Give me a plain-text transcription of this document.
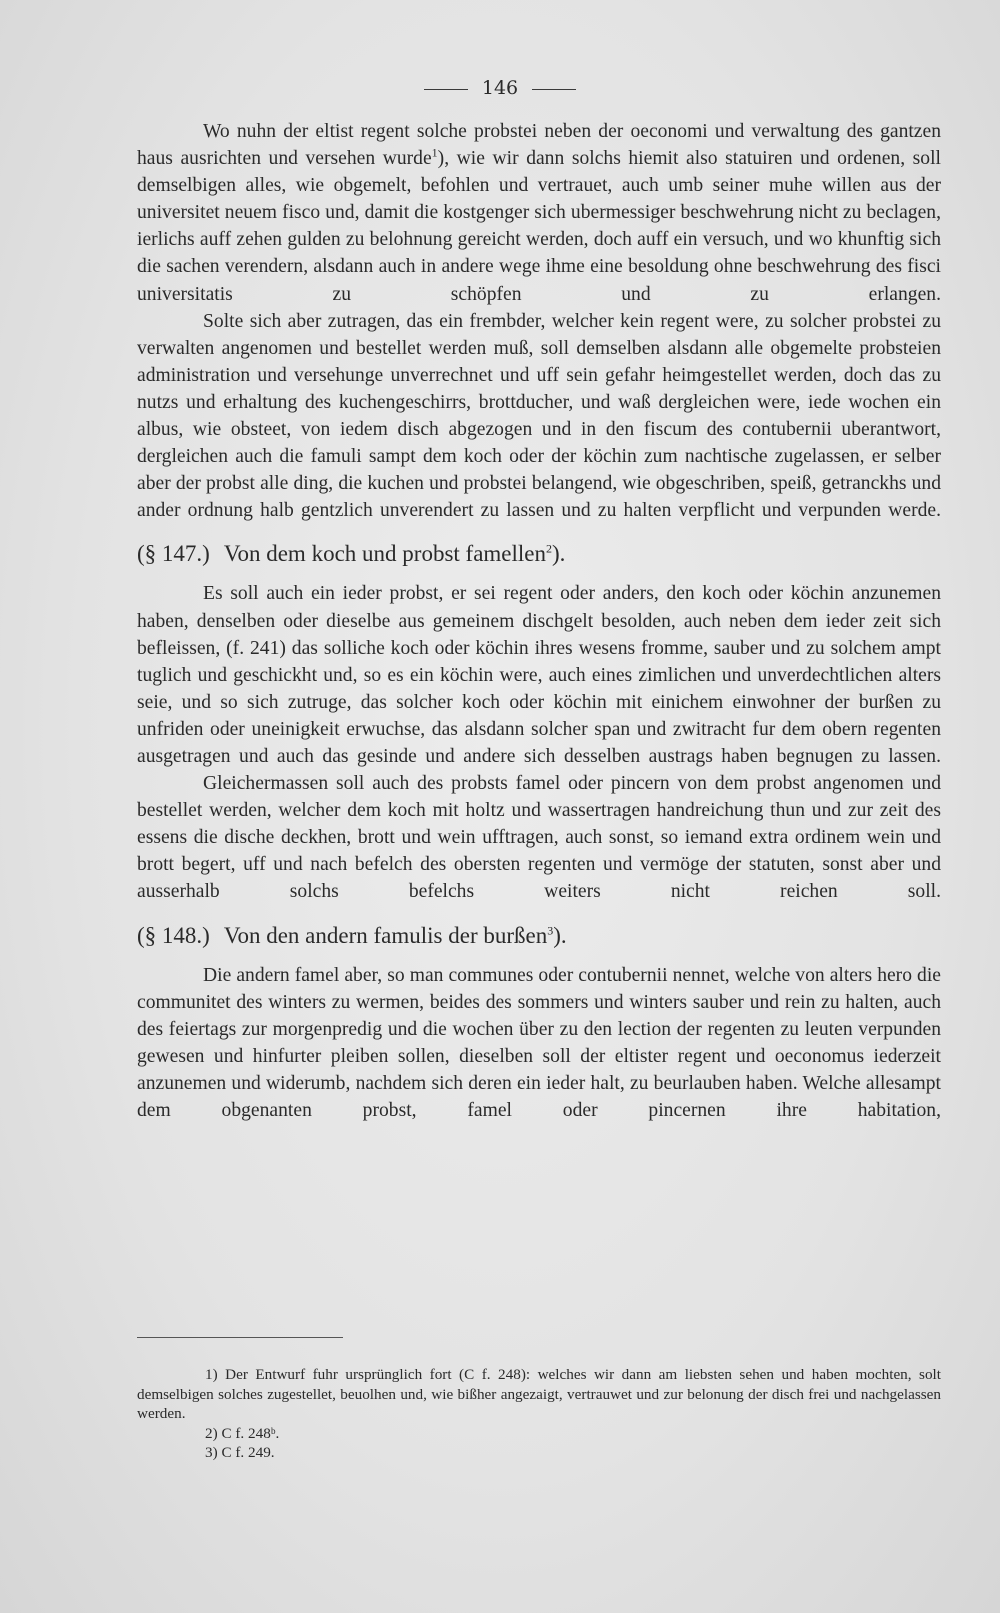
146

Wo nuhn der eltist regent solche probstei neben der oeconomi und verwaltung des gantzen haus ausrichten und versehen wurde$^1$), wie wir dann solchs hiemit also statuiren und ordenen, soll demselbigen alles, wie obgemelt, befohlen und vertrauet, auch umb seiner muhe willen aus der universitet neuem fisco und, damit die kostgenger sich ubermessiger beschwehrung nicht zu beclagen, ierlichs auff zehen gulden zu belohnung gereicht werden, doch auff ein versuch, und wo khunftig sich die sachen verendern, alsdann auch in andere wege ihme eine besoldung ohne beschwehrung des fisci universitatis zu schöpfen und zu erlangen.

Solte sich aber zutragen, das ein frembder, welcher kein regent were, zu solcher probstei zu verwalten angenomen und bestellet werden muß, soll demselben alsdann alle obgemelte probsteien administration und versehunge unverrechnet und uff sein gefahr heimgestellet werden, doch das zu nutzs und erhaltung des kuchengeschirrs, brottducher, und waß dergleichen were, iede wochen ein albus, wie obsteet, von iedem disch abgezogen und in den fiscum des contubernii uberantwort, dergleichen auch die famuli sampt dem koch oder der köchin zum nachtische zugelassen, er selber aber der probst alle ding, die kuchen und probstei belangend, wie obgeschriben, speiß, getranckhs und ander ordnung halb gentzlich unverendert zu lassen und zu halten verpflicht und verpunden werde.

(§ 147.) Von dem koch und probst famellen$^2$).

Es soll auch ein ieder probst, er sei regent oder anders, den koch oder köchin anzunemen haben, denselben oder dieselbe aus gemeinem dischgelt besolden, auch neben dem ieder zeit sich befleissen, (f. 241) das solliche koch oder köchin ihres wesens fromme, sauber und zu solchem ampt tuglich und geschickht und, so es ein köchin were, auch eines zimlichen und unverdechtlichen alters seie, und so sich zutruge, das solcher koch oder köchin mit einichem einwohner der burßen zu unfriden oder uneinigkeit erwuchse, das alsdann solcher span und zwitracht fur dem obern regenten ausgetragen und auch das gesinde und andere sich desselben austrags haben begnugen zu lassen.

Gleichermassen soll auch des probsts famel oder pincern von dem probst angenomen und bestellet werden, welcher dem koch mit holtz und wassertragen handreichung thun und zur zeit des essens die dische deckhen, brott und wein ufftragen, auch sonst, so iemand extra ordinem wein und brott begert, uff und nach befelch des obersten regenten und vermöge der statuten, sonst aber und ausserhalb solchs befelchs weiters nicht reichen soll.

(§ 148.) Von den andern famulis der burßen$^3$).

Die andern famel aber, so man communes oder contubernii nennet, welche von alters hero die communitet des winters zu wermen, beides des sommers und winters sauber und rein zu halten, auch des feiertags zur morgenpredig und die wochen über zu den lection der regenten zu leuten verpunden gewesen und hinfurter pleiben sollen, dieselben soll der eltister regent und oeconomus iederzeit anzunemen und widerumb, nachdem sich deren ein ieder halt, zu beurlauben haben. Welche allesampt dem obgenanten probst, famel oder pincernen ihre habitation,

1) Der Entwurf fuhr ursprünglich fort (C f. 248): welches wir dann am liebsten sehen und haben mochten, solt demselbigen solches zugestellet, beuolhen und, wie bißher angezaigt, vertrauwet und zur belonung der disch frei und nachgelassen werden.

2) C f. 248ᵇ.

3) C f. 249.
